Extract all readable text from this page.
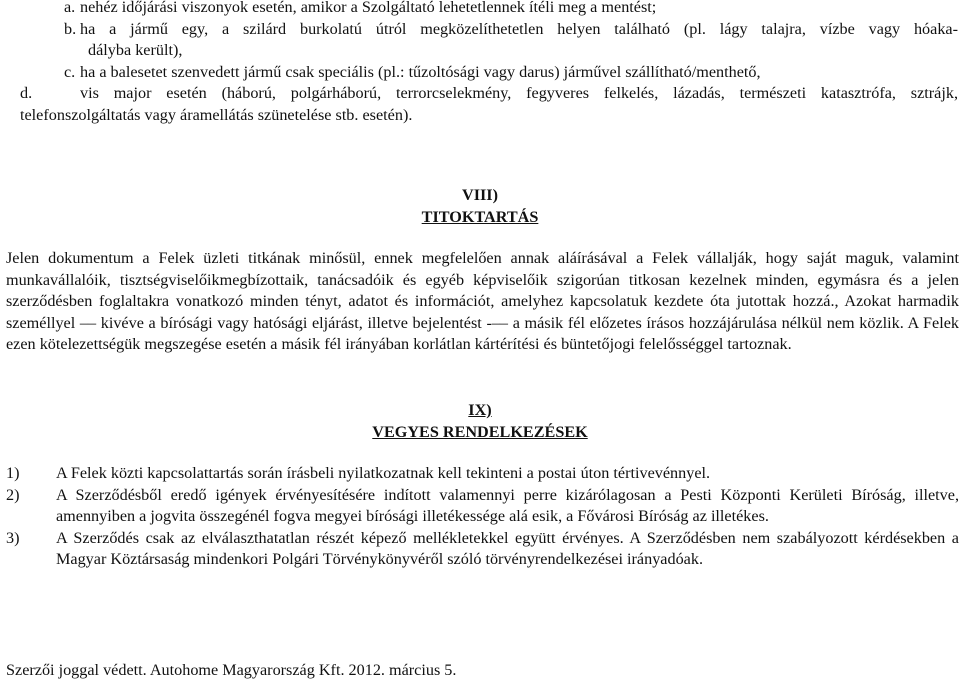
a. nehéz időjárási viszonyok esetén, amikor a Szolgáltató lehetetlennek ítéli meg a mentést;
b. ha a jármű egy, a szilárd burkolatú útról megközelíthetetlen helyen található (pl. lágy talajra, vízbe vagy hóaka-
dályba került),
c. ha a balesetet szenvedett jármű csak speciális (pl.: tűzoltósági vagy darus) járművel szállítható/menthető,
d.	vis major esetén (háború, polgárháború, terrorcselekmény, fegyveres felkelés, lázadás, természeti katasztrófa, sztrájk, telefonszolgáltatás vagy áramellátás szünetelése stb. esetén).
VIII)
TITOKTARTÁS
Jelen dokumentum a Felek üzleti titkának minősül, ennek megfelelően annak aláírásával a Felek vállalják, hogy saját maguk, valamint munkavállalóik, tisztségviselőikmegbízottaik, tanácsadóik és egyéb képviselőik szigorúan titkosan kezelnek minden, egymásra és a jelen szerződésben foglaltakra vonatkozó minden tényt, adatot és információt, amelyhez kapcsolatuk kezdete óta jutottak hozzá., Azokat harmadik személlyel –– kivéve a bírósági vagy hatósági eljárást, illetve bejelentést -–– a másik fél előzetes írásos hozzájárulása nélkül nem közlik. A Felek ezen kötelezettségük megszegése esetén a másik fél irányában korlátlan kártérítési és büntetőjogi felelősséggel tartoznak.
IX)
VEGYES RENDELKEZÉSEK
1)	A Felek közti kapcsolattartás során írásbeli nyilatkozatnak kell tekinteni a postai úton tértivevénnyel.
2)	A Szerződésből eredő igények érvényesítésére indított valamennyi perre kizárólagosan a Pesti Központi Kerületi Bíróság, illetve, amennyiben a jogvita összegénél fogva megyei bírósági illetékessége alá esik, a Fővárosi Bíróság az illetékes.
3)	A Szerződés csak az elválaszthatatlan részét képező mellékletekkel együtt érvényes. A Szerződésben nem szabályozott kérdésekben a Magyar Köztársaság mindenkori Polgári Törvénykönyvéről szóló törvényrendelkezései irányadóak.
Szerzői joggal védett. Autohome Magyarország Kft. 2012. március 5.
